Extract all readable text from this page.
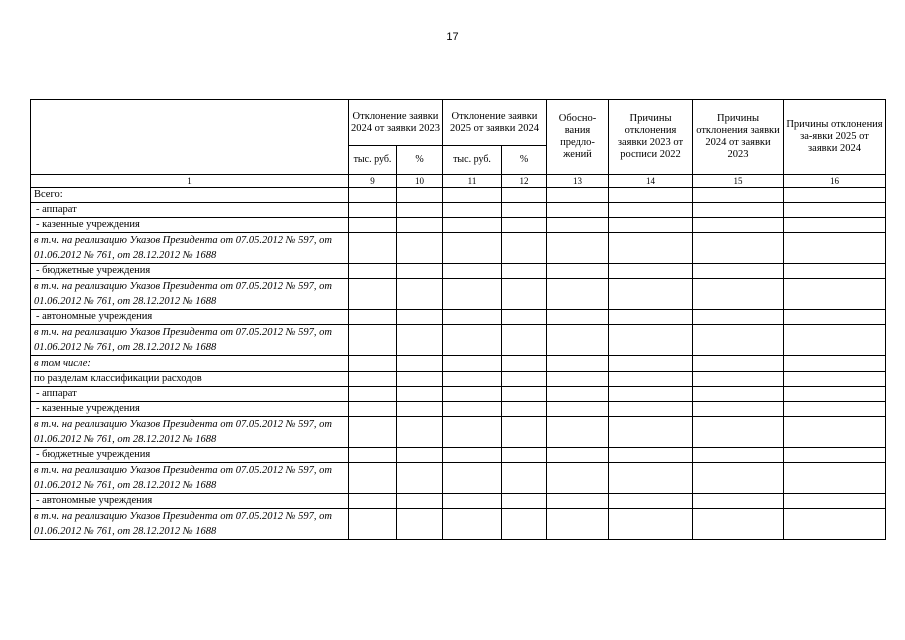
17
	Отклонение заявки 2024 от заявки 2023		Отклонение заявки 2025 от заявки 2024		Обосно-вания предло-жений	Причины отклонения заявки 2023 от росписи 2022	Причины отклонения заявки 2024 от заявки 2023	Причины отклонения за-явки 2025 от заявки 2024
	тыс. руб.	%	тыс. руб.	%				
1	9	10	11	12	13	14	15	16
Всего:								
- аппарат								
- казенные учреждения								
в т.ч. на реализацию Указов Президента от 07.05.2012 № 597, от 01.06.2012 № 761, от 28.12.2012 № 1688								
- бюджетные учреждения								
в т.ч. на реализацию Указов Президента от 07.05.2012 № 597, от 01.06.2012 № 761, от 28.12.2012 № 1688								
- автономные учреждения								
в т.ч. на реализацию Указов Президента от 07.05.2012 № 597, от 01.06.2012 № 761, от 28.12.2012 № 1688								
в том числе:								
по разделам классификации расходов								
- аппарат								
- казенные учреждения								
в т.ч. на реализацию Указов Президента от 07.05.2012 № 597, от 01.06.2012 № 761, от 28.12.2012 № 1688								
- бюджетные учреждения								
в т.ч. на реализацию Указов Президента от 07.05.2012 № 597, от 01.06.2012 № 761, от 28.12.2012 № 1688								
- автономные учреждения								
в т.ч. на реализацию Указов Президента от 07.05.2012 № 597, от 01.06.2012 № 761, от 28.12.2012 № 1688								
